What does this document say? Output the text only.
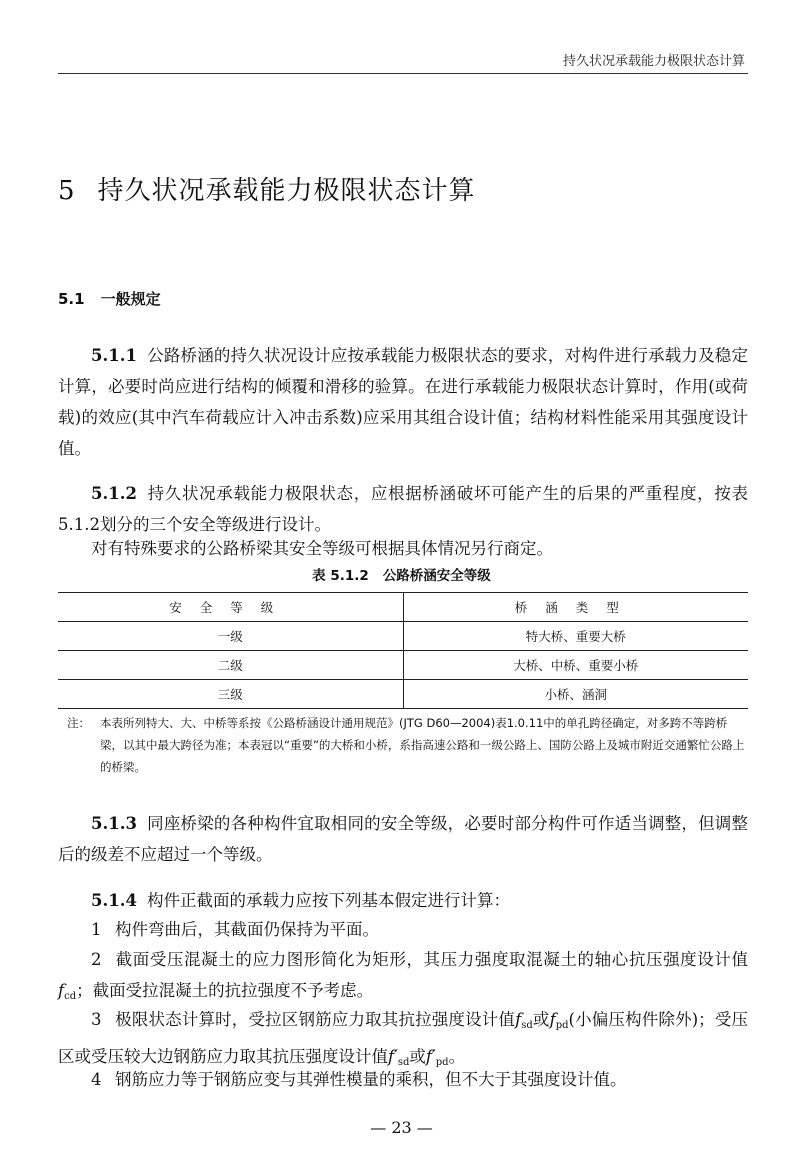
持久状况承载能力极限状态计算
5 持久状况承载能力极限状态计算
5.1 一般规定

5.1.1 公路桥涵的持久状况设计应按承载能力极限状态的要求，对构件进行承载力及稳定计算，必要时尚应进行结构的倾覆和滑移的验算。在进行承载能力极限状态计算时，作用(或荷载)的效应(其中汽车荷载应计入冲击系数)应采用其组合设计值；结构材料性能采用其强度设计值。

5.1.2 持久状况承载能力极限状态，应根据桥涵破坏可能产生的后果的严重程度，按表5.1.2划分的三个安全等级进行设计。

对有特殊要求的公路桥梁其安全等级可根据具体情况另行商定。

表 5.1.2 公路桥涵安全等级
安全等级	桥涵类型
一级	特大桥、重要大桥
二级	大桥、中桥、重要小桥
三级	小桥、涵洞

注： 本表所列特大、大、中桥等系按《公路桥涵设计通用规范》(JTG D60—2004)表1.0.11中的单孔跨径确定，对多跨不等跨桥梁，以其中最大跨径为准；本表冠以“重要”的大桥和小桥，系指高速公路和一级公路上、国防公路上及城市附近交通繁忙公路上的桥梁。

5.1.3 同座桥梁的各种构件宜取相同的安全等级，必要时部分构件可作适当调整，但调整后的级差不应超过一个等级。

5.1.4 构件正截面的承载力应按下列基本假定进行计算：

1 构件弯曲后，其截面仍保持为平面。

2 截面受压混凝土的应力图形简化为矩形，其压力强度取混凝土的轴心抗压强度设计值$f_{cd}$；截面受拉混凝土的抗拉强度不予考虑。

3 极限状态计算时，受拉区钢筋应力取其抗拉强度设计值$f_{sd}$或$f_{pd}$(小偏压构件除外)；受压区或受压较大边钢筋应力取其抗压强度设计值$f'_{sd}$或$f'_{pd}$。

4 钢筋应力等于钢筋应变与其弹性模量的乘积，但不大于其强度设计值。

— 23 —
